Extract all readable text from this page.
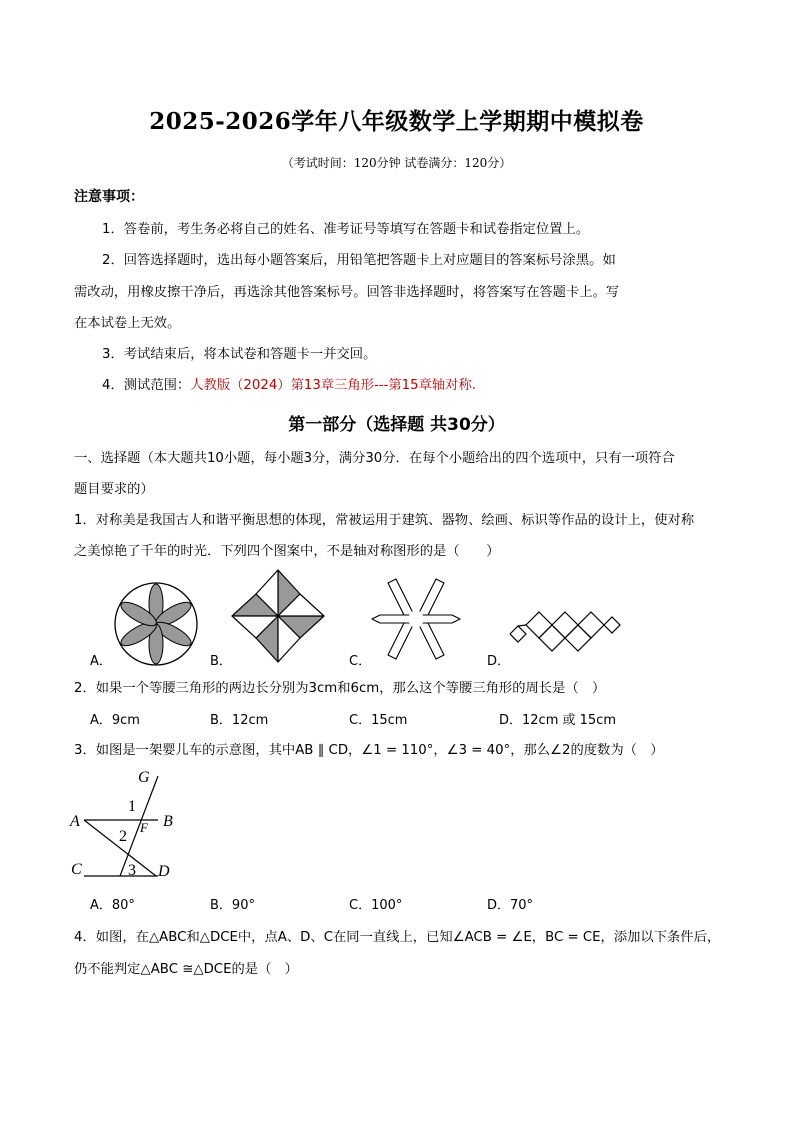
2025-2026学年八年级数学上学期期中模拟卷
（考试时间：120分钟 试卷满分：120分）
注意事项：
1．答卷前，考生务必将自己的姓名、准考证号等填写在答题卡和试卷指定位置上。
2．回答选择题时，选出每小题答案后，用铅笔把答题卡上对应题目的答案标号涂黑。如
需改动，用橡皮擦干净后，再选涂其他答案标号。回答非选择题时，将答案写在答题卡上。写
在本试卷上无效。
3．考试结束后，将本试卷和答题卡一并交回。
4．测试范围：人教版（2024）第13章三角形---第15章轴对称.
第一部分（选择题 共30分）
一、选择题（本大题共10小题，每小题3分，满分30分．在每个小题给出的四个选项中，只有一项符合
题目要求的）
1．对称美是我国古人和谐平衡思想的体现，常被运用于建筑、器物、绘画、标识等作品的设计上，使对称
之美惊艳了千年的时光．下列四个图案中，不是轴对称图形的是（　　）
A．	B．	C．	D．
2．如果一个等腰三角形的两边长分别为3cm和6cm，那么这个等腰三角形的周长是（　）
A．9cm	B．12cm	C．15cm	D．12cm 或 15cm
3．如图是一架婴儿车的示意图，其中AB ∥ CD，∠1 = 110°，∠3 = 40°，那么∠2的度数为（　）
G
A	B
C	D
F
1
2
3
A．80°	B．90°	C．100°	D．70°
4．如图，在△ABC和△DCE中，点A、D、C在同一直线上，已知∠ACB = ∠E，BC = CE，添加以下条件后，
仍不能判定△ABC ≅△DCE的是（　）
